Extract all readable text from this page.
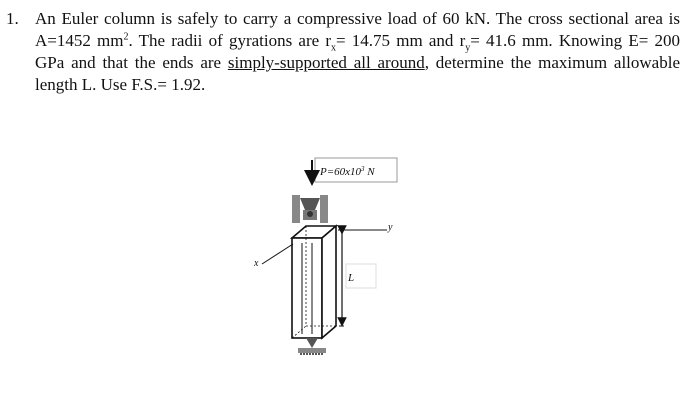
1. An Euler column is safely to carry a compressive load of 60 kN. The cross sectional area is A=1452 $mm^2$. The radii of gyrations are $r_x= 14.75$ mm and $r_y= 41.6$ mm. Knowing E= 200 GPa and that the ends are simply-supported all around, determine the maximum allowable length L. Use F.S.= 1.92.
$P=60x10^3$ N
y
x
L
